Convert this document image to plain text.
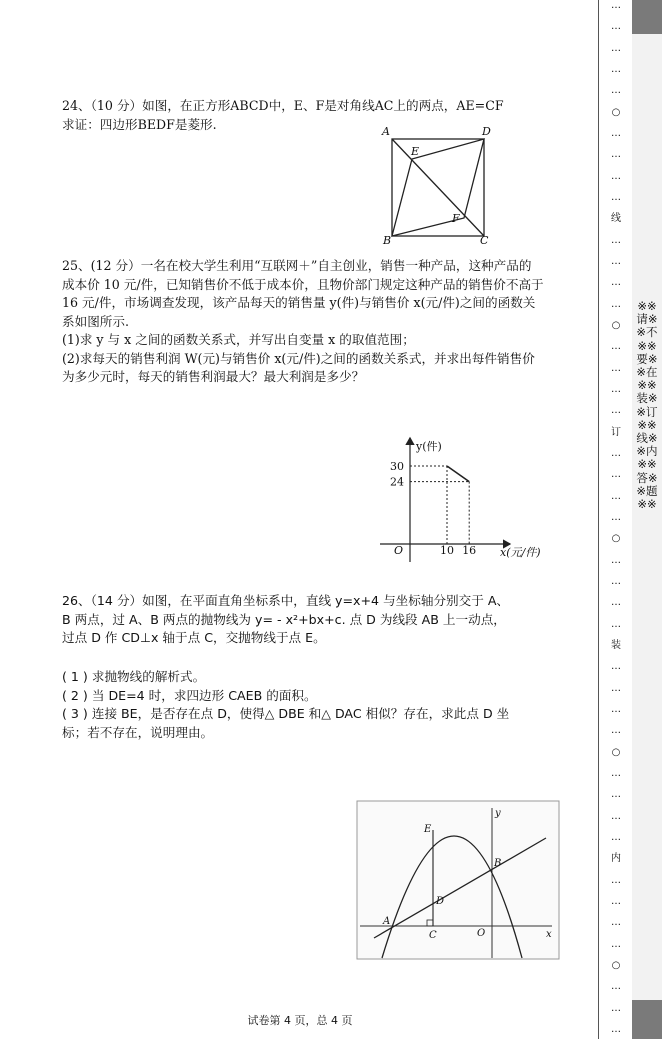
24、（10 分）如图，在正方形ABCD中，E、F是对角线AC上的两点，AE=CF

求证：四边形BEDF是菱形.	A	D
E
F
B	C

25、(12 分）一名在校大学生利用“互联网＋”自主创业，销售一种产品，这种产品的

成本价 10 元/件，已知销售价不低于成本价，且物价部门规定这种产品的销售价不高于

16 元/件，市场调查发现，该产品每天的销售量 y(件)与销售价 x(元/件)之间的函数关

系如图所示.

(1)求 y 与 x 之间的函数关系式，并写出自变量 x 的取值范围；

(2)求每天的销售利润 W(元)与销售价 x(元/件)之间的函数关系式，并求出每件销售价

为多少元时，每天的销售利润最大？最大利润是多少？

y(件)
x(元/件)
O	10 16
30
24

26、（14 分）如图，在平面直角坐标系中，直线 y=x+4 与坐标轴分别交于 A、

B 两点，过 A、B 两点的抛物线为 y= - x²+bx+c. 点 D 为线段 AB 上一动点，

过点 D 作 CD⊥x 轴于点 C，交抛物线于点 E。

( 1 ) 求抛物线的解析式。

( 2 ) 当 DE=4 时，求四边形 CAEB 的面积。

( 3 ) 连接 BE，是否存在点 D，使得△ DBE 和△ DAC 相似？存在，求此点 D 坐

标；若不存在，说明理由。

E
y
B
D
A
C	O	x
试卷第 4 页，总 4 页
…
…
…
…
…
○
…
…
…
…
线
…
…
…
…
○
…
…
…
…
订
…
…
…
…
○
…
…
…
…
装
…
…
…
…
○
…
…
…
…
内
…
…
…
…
○
…
…
…
※※请※※不※※要※※在※※装※※订※※线※※内※※答※※题※※
